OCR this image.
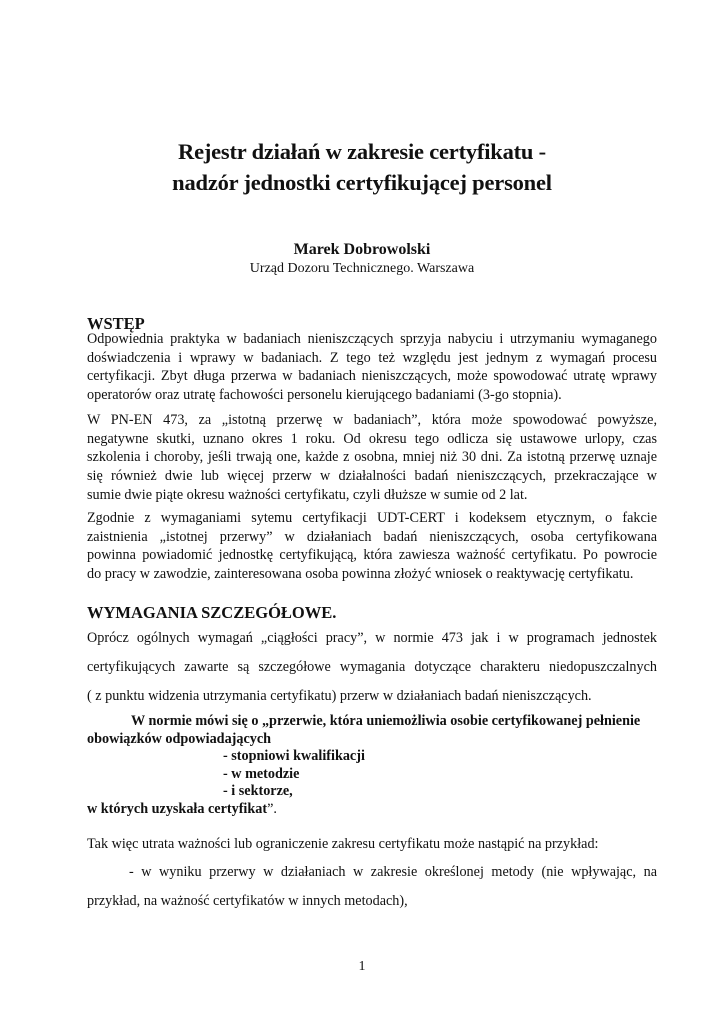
Rejestr działań w zakresie certyfikatu -
nadzór jednostki certyfikującej personel
Marek Dobrowolski
Urząd Dozoru Technicznego. Warszawa
WSTĘP
Odpowiednia praktyka w badaniach nieniszczących sprzyja nabyciu i utrzymaniu wymaganego
doświadczenia i wprawy w badaniach. Z tego też względu jest jednym z wymagań procesu
certyfikacji. Zbyt długa przerwa w badaniach nieniszczących, może spowodować utratę wprawy
operatorów oraz utratę fachowości personelu kierującego badaniami (3-go stopnia).
W PN-EN 473, za „istotną przerwę w badaniach”, która może spowodować powyższe,
negatywne skutki, uznano okres 1 roku. Od okresu tego odlicza się ustawowe urlopy, czas
szkolenia i choroby, jeśli trwają one, każde z osobna, mniej niż 30 dni. Za istotną przerwę uznaje
się również dwie lub więcej przerw w działalności badań nieniszczących, przekraczające w
sumie dwie piąte okresu ważności certyfikatu, czyli dłuższe w sumie od 2 lat.
Zgodnie z wymaganiami sytemu certyfikacji UDT-CERT i kodeksem etycznym, o fakcie
zaistnienia „istotnej przerwy” w działaniach badań nieniszczących, osoba certyfikowana
powinna powiadomić jednostkę certyfikującą, która zawiesza ważność certyfikatu. Po powrocie
do pracy w zawodzie, zainteresowana osoba powinna złożyć wniosek o reaktywację certyfikatu.
WYMAGANIA SZCZEGÓŁOWE.
Oprócz ogólnych wymagań „ciągłości pracy”, w normie 473 jak i w programach jednostek
certyfikujących zawarte są szczegółowe wymagania dotyczące charakteru niedopuszczalnych
( z punktu widzenia utrzymania certyfikatu) przerw w działaniach badań nieniszczących.
W normie mówi się o „przerwie, która uniemożliwia osobie certyfikowanej pełnienie
obowiązków odpowiadających
- stopniowi kwalifikacji
- w metodzie
- i sektorze,
w których uzyskała certyfikat”.
Tak więc utrata ważności lub ograniczenie zakresu certyfikatu może nastąpić na przykład:
- w wyniku przerwy w działaniach w zakresie określonej metody (nie wpływając, na
przykład, na ważność certyfikatów w innych metodach),
1
